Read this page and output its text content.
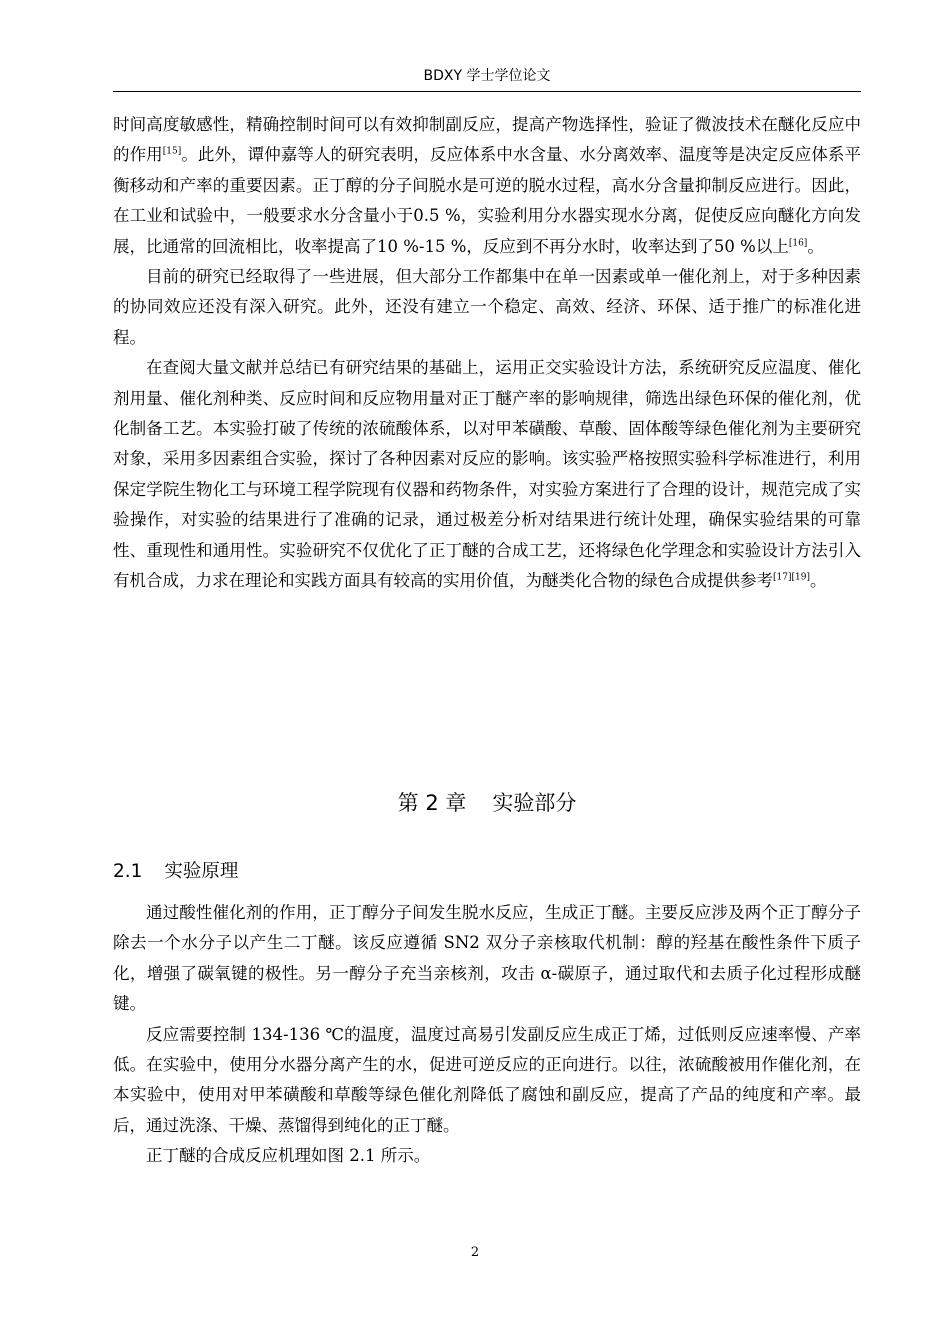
BDXY 学士学位论文

时间高度敏感性，精确控制时间可以有效抑制副反应，提高产物选择性，验证了微波技术在醚化反应中的作用[15]。此外，谭仲嘉等人的研究表明，反应体系中水含量、水分离效率、温度等是决定反应体系平衡移动和产率的重要因素。正丁醇的分子间脱水是可逆的脱水过程，高水分含量抑制反应进行。因此，在工业和试验中，一般要求水分含量小于0.5 %，实验利用分水器实现水分离，促使反应向醚化方向发展，比通常的回流相比，收率提高了10 %-15 %，反应到不再分水时，收率达到了50 %以上[16]。

目前的研究已经取得了一些进展，但大部分工作都集中在单一因素或单一催化剂上，对于多种因素的协同效应还没有深入研究。此外，还没有建立一个稳定、高效、经济、环保、适于推广的标准化进程。

在查阅大量文献并总结已有研究结果的基础上，运用正交实验设计方法，系统研究反应温度、催化剂用量、催化剂种类、反应时间和反应物用量对正丁醚产率的影响规律，筛选出绿色环保的催化剂，优化制备工艺。本实验打破了传统的浓硫酸体系，以对甲苯磺酸、草酸、固体酸等绿色催化剂为主要研究对象，采用多因素组合实验，探讨了各种因素对反应的影响。该实验严格按照实验科学标准进行，利用保定学院生物化工与环境工程学院现有仪器和药物条件，对实验方案进行了合理的设计，规范完成了实验操作，对实验的结果进行了准确的记录，通过极差分析对结果进行统计处理，确保实验结果的可靠性、重现性和通用性。实验研究不仅优化了正丁醚的合成工艺，还将绿色化学理念和实验设计方法引入有机合成，力求在理论和实践方面具有较高的实用价值，为醚类化合物的绿色合成提供参考[17][19]。

第 2 章 实验部分
2.1 实验原理

通过酸性催化剂的作用，正丁醇分子间发生脱水反应，生成正丁醚。主要反应涉及两个正丁醇分子除去一个水分子以产生二丁醚。该反应遵循 SN2 双分子亲核取代机制：醇的羟基在酸性条件下质子化，增强了碳氧键的极性。另一醇分子充当亲核剂，攻击 α-碳原子，通过取代和去质子化过程形成醚键。

反应需要控制 134-136 ℃的温度，温度过高易引发副反应生成正丁烯，过低则反应速率慢、产率低。在实验中，使用分水器分离产生的水，促进可逆反应的正向进行。以往，浓硫酸被用作催化剂，在本实验中，使用对甲苯磺酸和草酸等绿色催化剂降低了腐蚀和副反应，提高了产品的纯度和产率。最后，通过洗涤、干燥、蒸馏得到纯化的正丁醚。

正丁醚的合成反应机理如图 2.1 所示。

2
